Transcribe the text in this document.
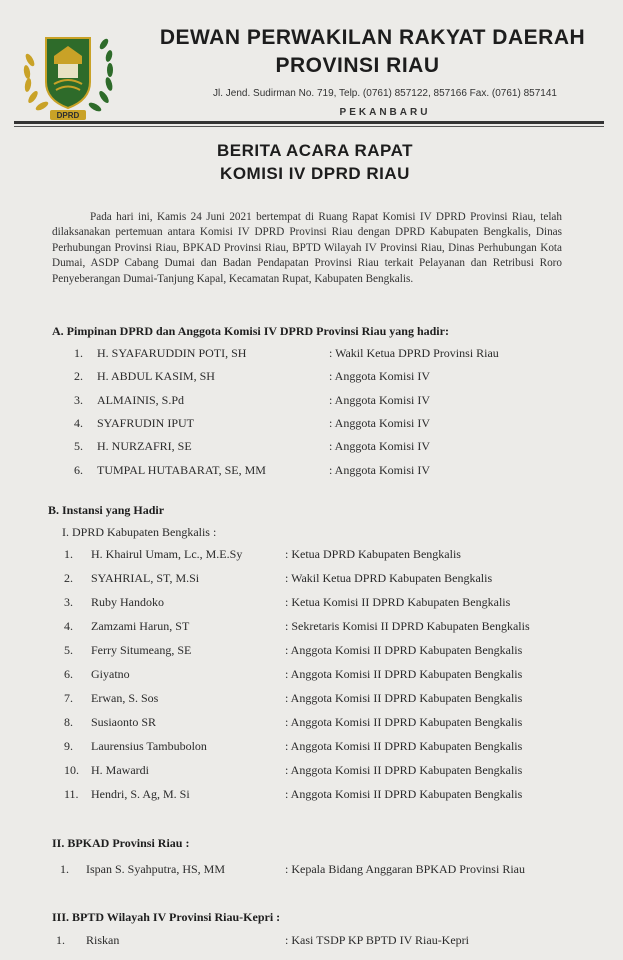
DPRD
DEWAN PERWAKILAN RAKYAT DAERAH
PROVINSI RIAU
Jl. Jend. Sudirman No. 719, Telp. (0761) 857122, 857166 Fax. (0761) 857141
PEKANBARU
BERITA ACARA RAPAT
KOMISI IV DPRD RIAU

Pada hari ini, Kamis 24 Juni 2021 bertempat di Ruang Rapat Komisi IV DPRD Provinsi Riau, telah dilaksanakan pertemuan antara Komisi IV DPRD Provinsi Riau dengan DPRD Kabupaten Bengkalis, Dinas Perhubungan Provinsi Riau, BPKAD Provinsi Riau, BPTD Wilayah IV Provinsi Riau, Dinas Perhubungan Kota Dumai, ASDP Cabang Dumai dan Badan Pendapatan Provinsi Riau terkait Pelayanan dan Retribusi Roro Penyeberangan Dumai-Tanjung Kapal, Kecamatan Rupat, Kabupaten Bengkalis.

A. Pimpinan DPRD dan Anggota Komisi IV DPRD Provinsi Riau yang hadir:
1. H. SYAFARUDDIN POTI, SH	: Wakil Ketua DPRD Provinsi Riau
2. H. ABDUL KASIM, SH	: Anggota Komisi IV
3. ALMAINIS, S.Pd	: Anggota Komisi IV
4. SYAFRUDIN IPUT	: Anggota Komisi IV
5. H. NURZAFRI, SE	: Anggota Komisi IV
6. TUMPAL HUTABARAT, SE, MM	: Anggota Komisi IV
B. Instansi yang Hadir
I. DPRD Kabupaten Bengkalis :
1. H. Khairul Umam, Lc., M.E.Sy	: Ketua DPRD Kabupaten Bengkalis
2. SYAHRIAL, ST, M.Si	: Wakil Ketua DPRD Kabupaten Bengkalis
3. Ruby Handoko	: Ketua Komisi II DPRD Kabupaten Bengkalis
4. Zamzami Harun, ST	: Sekretaris Komisi II DPRD Kabupaten Bengkalis
5. Ferry Situmeang, SE	: Anggota Komisi II DPRD Kabupaten Bengkalis
6. Giyatno	: Anggota Komisi II DPRD Kabupaten Bengkalis
7. Erwan, S. Sos	: Anggota Komisi II DPRD Kabupaten Bengkalis
8. Susiaonto SR	: Anggota Komisi II DPRD Kabupaten Bengkalis
9. Laurensius Tambubolon	: Anggota Komisi II DPRD Kabupaten Bengkalis
10. H. Mawardi	: Anggota Komisi II DPRD Kabupaten Bengkalis
11. Hendri, S. Ag, M. Si	: Anggota Komisi II DPRD Kabupaten Bengkalis
II. BPKAD Provinsi Riau :
1. Ispan S. Syahputra, HS, MM	: Kepala Bidang Anggaran BPKAD Provinsi Riau
III. BPTD Wilayah IV Provinsi Riau-Kepri :
1. Riskan	: Kasi TSDP KP BPTD IV Riau-Kepri
